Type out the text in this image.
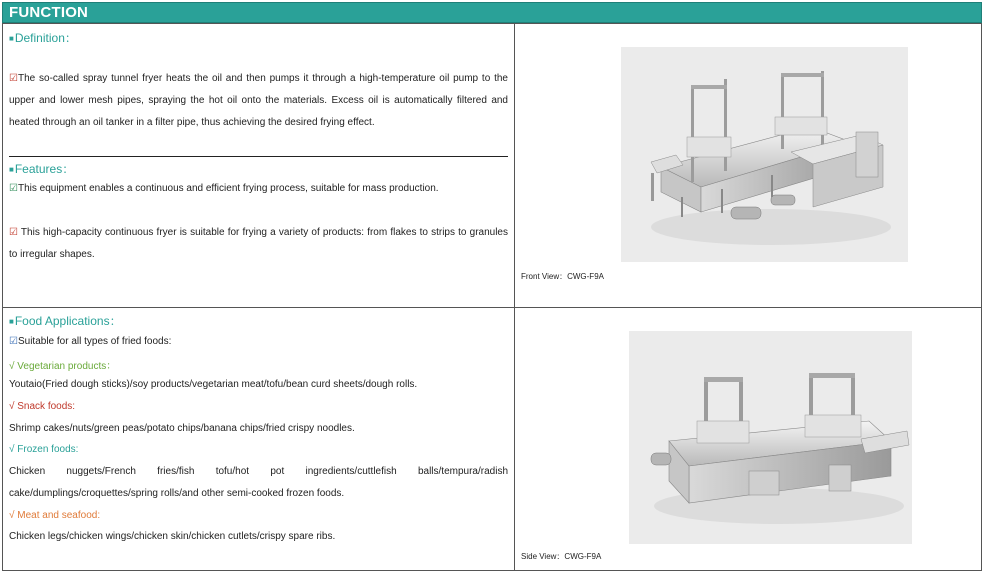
FUNCTION
■Definition：
☑The so-called spray tunnel fryer heats the oil and then pumps it through a high-temperature oil pump to the upper and lower mesh pipes, spraying the hot oil onto the materials. Excess oil is automatically filtered and heated through an oil tanker in a filter pipe, thus achieving the desired frying effect.
■Features：
☑This equipment enables a continuous and efficient frying process, suitable for mass production.
☑ This high-capacity continuous fryer is suitable for frying a variety of products: from flakes to strips to granules to irregular shapes.
■Food Applications：
☑Suitable for all types of fried foods:
√ Vegetarian products：
Youtaio(Fried dough sticks)/soy products/vegetarian meat/tofu/bean curd sheets/dough rolls.
√ Snack foods:
Shrimp cakes/nuts/green peas/potato chips/banana chips/fried crispy noodles.
√ Frozen foods:
Chicken nuggets/French fries/fish tofu/hot pot ingredients/cuttlefish balls/tempura/radish
cake/dumplings/croquettes/spring rolls/and other semi-cooked frozen foods.
√ Meat and seafood:
Chicken legs/chicken wings/chicken skin/chicken cutlets/crispy spare ribs.
Front View：CWG-F9A
Side View：CWG-F9A
